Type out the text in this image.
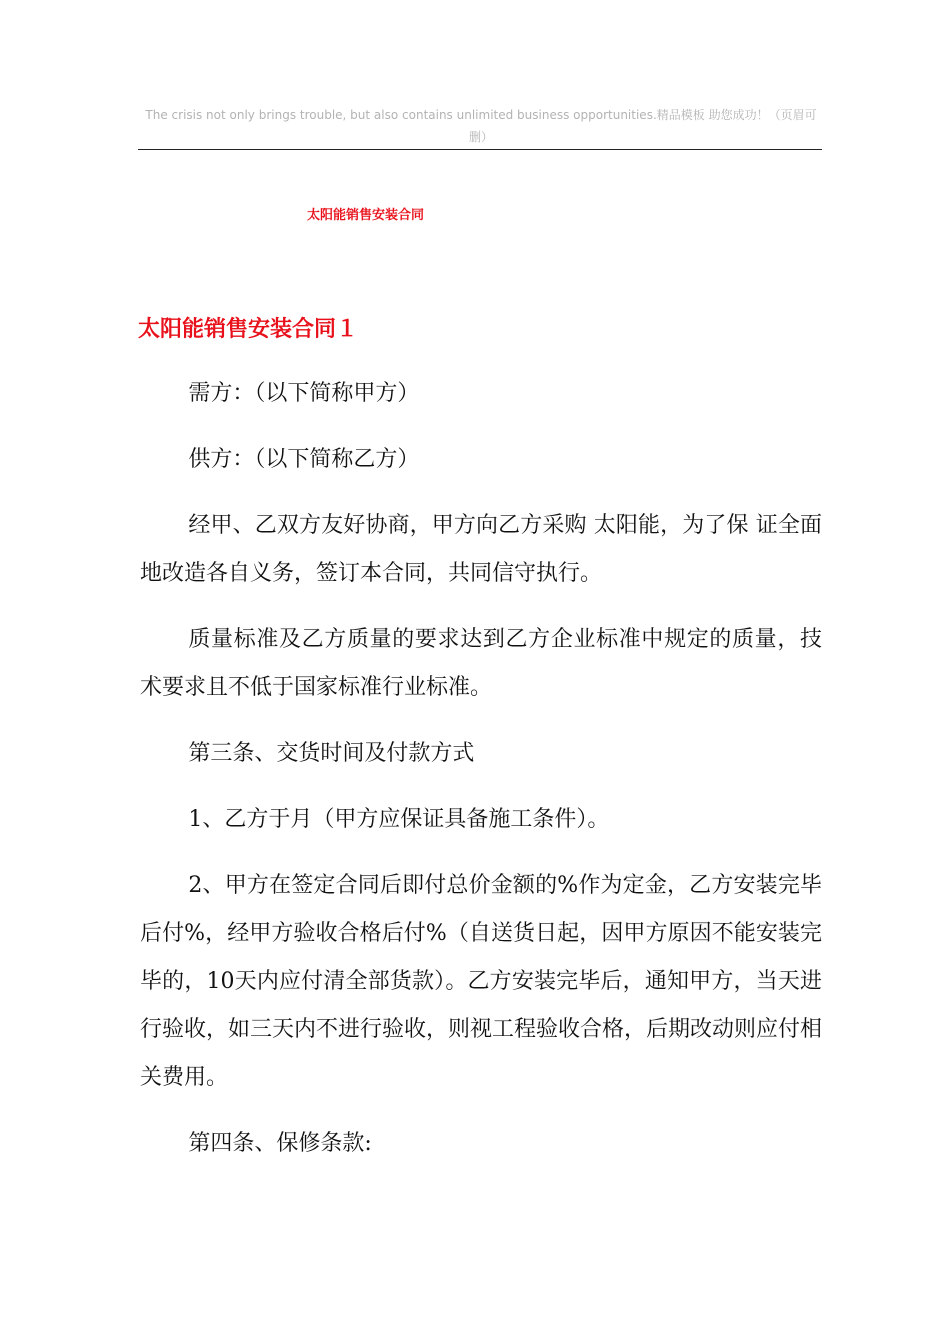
The crisis not only brings trouble, but also contains unlimited business opportunities.精品模板 助您成功！（页眉可删）
太阳能销售安装合同
太阳能销售安装合同１

需方：（以下简称甲方）

供方：（以下简称乙方）

经甲、乙双方友好协商，甲方向乙方采购 太阳能，为了保 证全面地改造各自义务，签订本合同，共同信守执行。

质量标准及乙方质量的要求达到乙方企业标准中规定的质量，技术要求且不低于国家标准行业标准。

第三条、交货时间及付款方式

1、乙方于月（甲方应保证具备施工条件）。

2、甲方在签定合同后即付总价金额的%作为定金，乙方安装完毕后付%，经甲方验收合格后付%（自送货日起，因甲方原因不能安装完毕的，10天内应付清全部货款）。乙方安装完毕后，通知甲方，当天进行验收，如三天内不进行验收，则视工程验收合格，后期改动则应付相关费用。

第四条、保修条款:
